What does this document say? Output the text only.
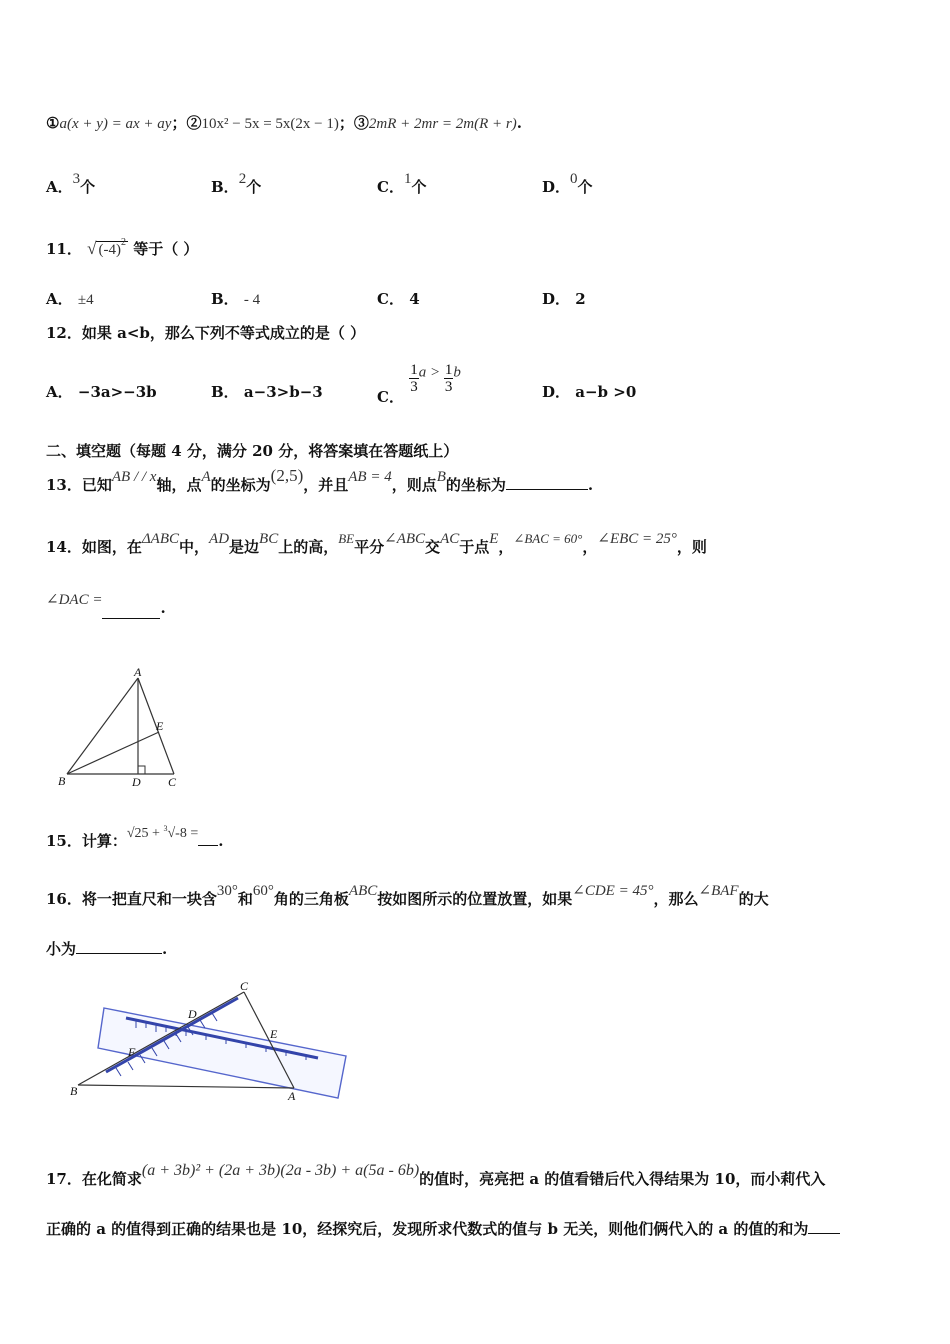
①a(x + y) = ax + ay；②10x² − 5x = 5x(2x − 1)；③2mR + 2mr = 2m(R + r).
A．3个	B．2个	C．1个	D．0个
11． √ $(-4)^2$ 等于（ ）
A． ±4	B． - 4	C． 4	D． 2
12．如果 a<b，那么下列不等式成立的是（ ）
A． −3a>−3b	B． a−3>b−3	C．
$\frac{1}{3}$ $a > \frac{1}{3}$ b
D． a−b >0
二、填空题（每题 4 分，满分 20 分，将答案填在答题纸上）
13．已知AB / / x轴，点A的坐标为(2,5)，并且AB = 4，则点B的坐标为	.
14．如图，在ΔABC中，AD是边BC上的高，BE平分∠ABC交AC于点E，∠BAC = 60°，∠EBC = 25°，则
∠DAC =	.
A
B	C
D
E
15．计算：√25 + $^3$√-8 = .
16．将一把直尺和一块含30°和60°角的三角板ABC按如图所示的位置放置，如果∠CDE = 45°，那么∠BAF的大
小为	.
C
D
E
F
B	A
17．在化简求(a + 3b)² + (2a + 3b)(2a - 3b) + a(5a - 6b)的值时，亮亮把 a 的值看错后代入得结果为 10，而小莉代入
正确的 a 的值得到正确的结果也是 10，经探究后，发现所求代数式的值与 b 无关，则他们俩代入的 a 的值的和为
